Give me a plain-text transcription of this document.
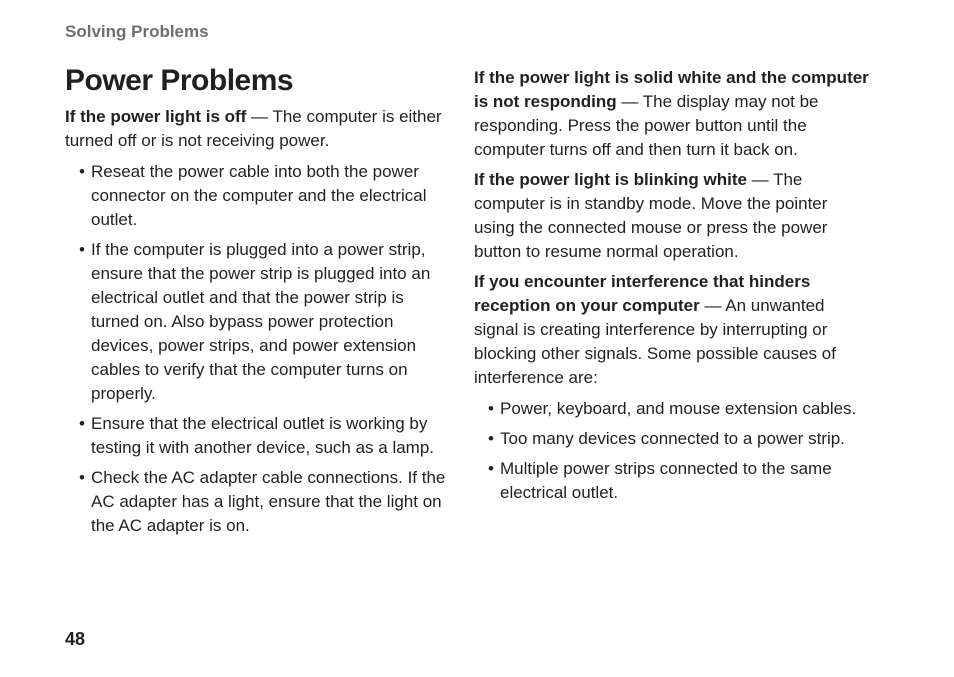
Solving Problems
Power Problems

If the power light is off — The computer is either turned off or is not receiving power.

• Reseat the power cable into both the power connector on the computer and the electrical outlet.
• If the computer is plugged into a power strip, ensure that the power strip is plugged into an electrical outlet and that the power strip is turned on. Also bypass power protection devices, power strips, and power extension cables to verify that the computer turns on properly.
• Ensure that the electrical outlet is working by testing it with another device, such as a lamp.
• Check the AC adapter cable connections. If the AC adapter has a light, ensure that the light on the AC adapter is on.

If the power light is solid white and the computer is not responding — The display may not be responding. Press the power button until the computer turns off and then turn it back on.

If the power light is blinking white — The computer is in standby mode. Move the pointer using the connected mouse or press the power button to resume normal operation.

If you encounter interference that hinders reception on your computer — An unwanted signal is creating interference by interrupting or blocking other signals. Some possible causes of interference are:

• Power, keyboard, and mouse extension cables.
• Too many devices connected to a power strip.
• Multiple power strips connected to the same electrical outlet.
48
